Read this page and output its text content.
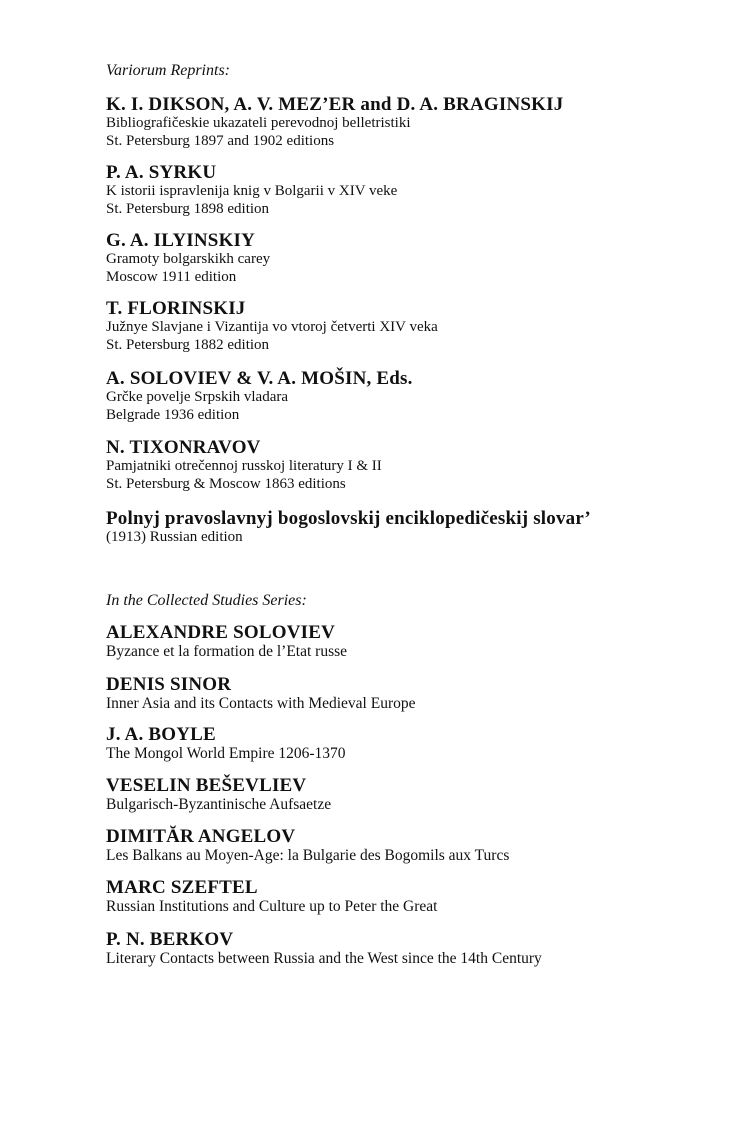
Variorum Reprints:

K. I. DIKSON, A. V. MEZ’ER and D. A. BRAGINSKIJ
Bibliografičeskie ukazateli perevodnoj belletristiki
St. Petersburg 1897 and 1902 editions
P. A. SYRKU
K istorii ispravlenija knig v Bolgarii v XIV veke
St. Petersburg 1898 edition
G. A. ILYINSKIY
Gramoty bolgarskikh carey
Moscow 1911 edition
T. FLORINSKIJ
Južnye Slavjane i Vizantija vo vtoroj četverti XIV veka
St. Petersburg 1882 edition
A. SOLOVIEV & V. A. MOŠIN, Eds.
Grčke povelje Srpskih vladara
Belgrade 1936 edition
N. TIXONRAVOV
Pamjatniki otrečennoj russkoj literatury I & II
St. Petersburg & Moscow 1863 editions
Polnyj pravoslavnyj bogoslovskij enciklopedičeskij slovar’
(1913) Russian edition

In the Collected Studies Series:

ALEXANDRE SOLOVIEV
Byzance et la formation de l’Etat russe
DENIS SINOR
Inner Asia and its Contacts with Medieval Europe
J. A. BOYLE
The Mongol World Empire 1206-1370
VESELIN BEŠEVLIEV
Bulgarisch-Byzantinische Aufsaetze
DIMITĂR ANGELOV
Les Balkans au Moyen-Age: la Bulgarie des Bogomils aux Turcs
MARC SZEFTEL
Russian Institutions and Culture up to Peter the Great
P. N. BERKOV
Literary Contacts between Russia and the West since the 14th Century
